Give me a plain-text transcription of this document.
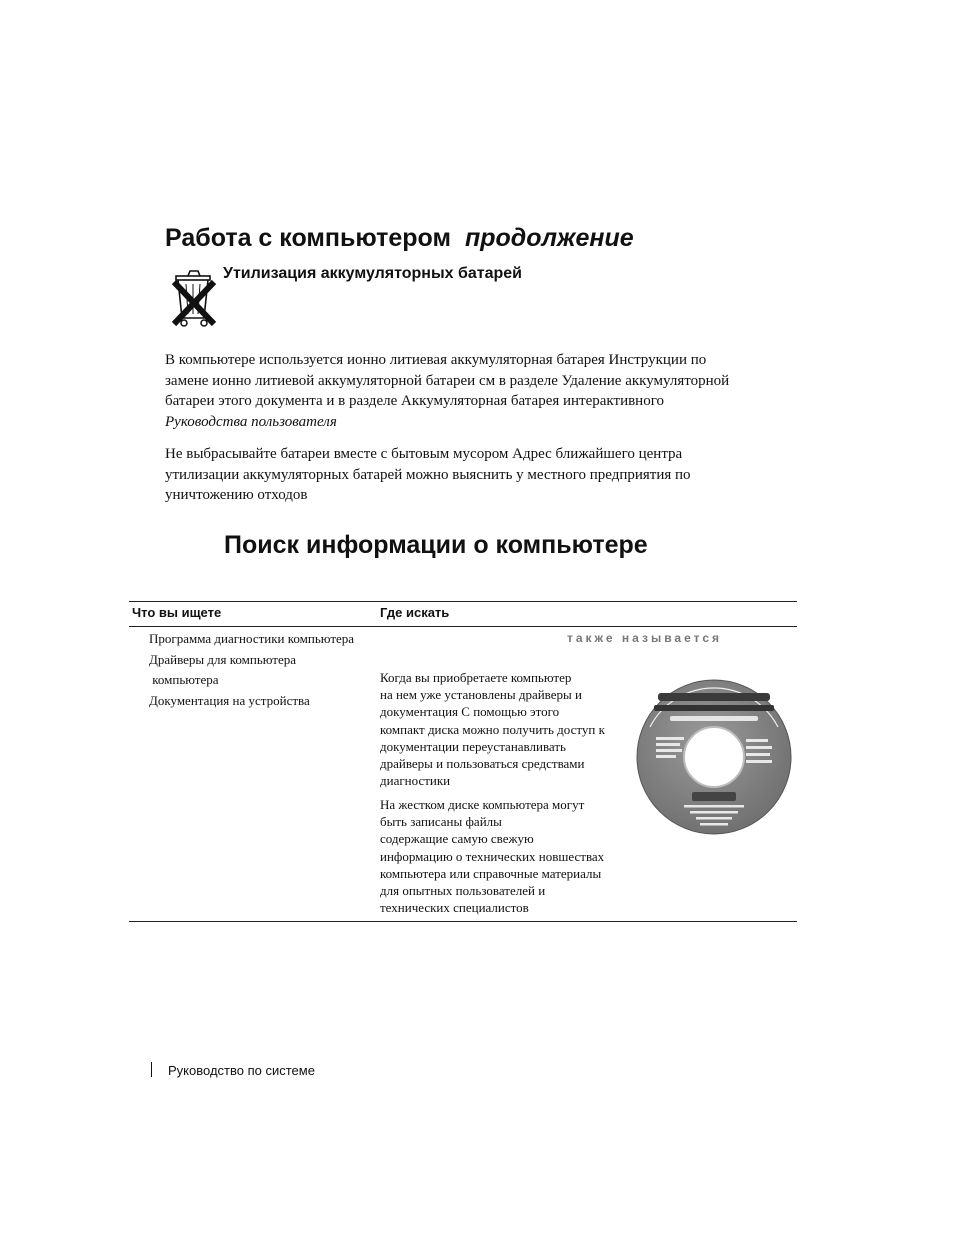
Работа с компьютером продолжение
Утилизация аккумуляторных батарей
В компьютере используется ионно литиевая аккумуляторная батарея Инструкции по
замене ионно литиевой аккумуляторной батареи см в разделе Удаление аккумуляторной
батареи этого документа и в разделе Аккумуляторная батарея интерактивного
Руководства пользователя
Не выбрасывайте батареи вместе с бытовым мусором Адрес ближайшего центра
утилизации аккумуляторных батарей можно выяснить у местного предприятия по
уничтожению отходов
Поиск информации о компьютере
Что вы ищете	Где искать
Программа диагностики компьютера
Драйверы для компьютера
компьютера
Документация на устройства
также называется
Когда вы приобретаете компьютер
на нем уже установлены драйверы и
документация С помощью этого
компакт диска можно получить доступ к
документации переустанавливать
драйверы и пользоваться средствами
диагностики
На жестком диске компьютера могут
быть записаны файлы
содержащие самую свежую
информацию о технических новшествах
компьютера или справочные материалы
для опытных пользователей и
технических специалистов
Руководство по системе
